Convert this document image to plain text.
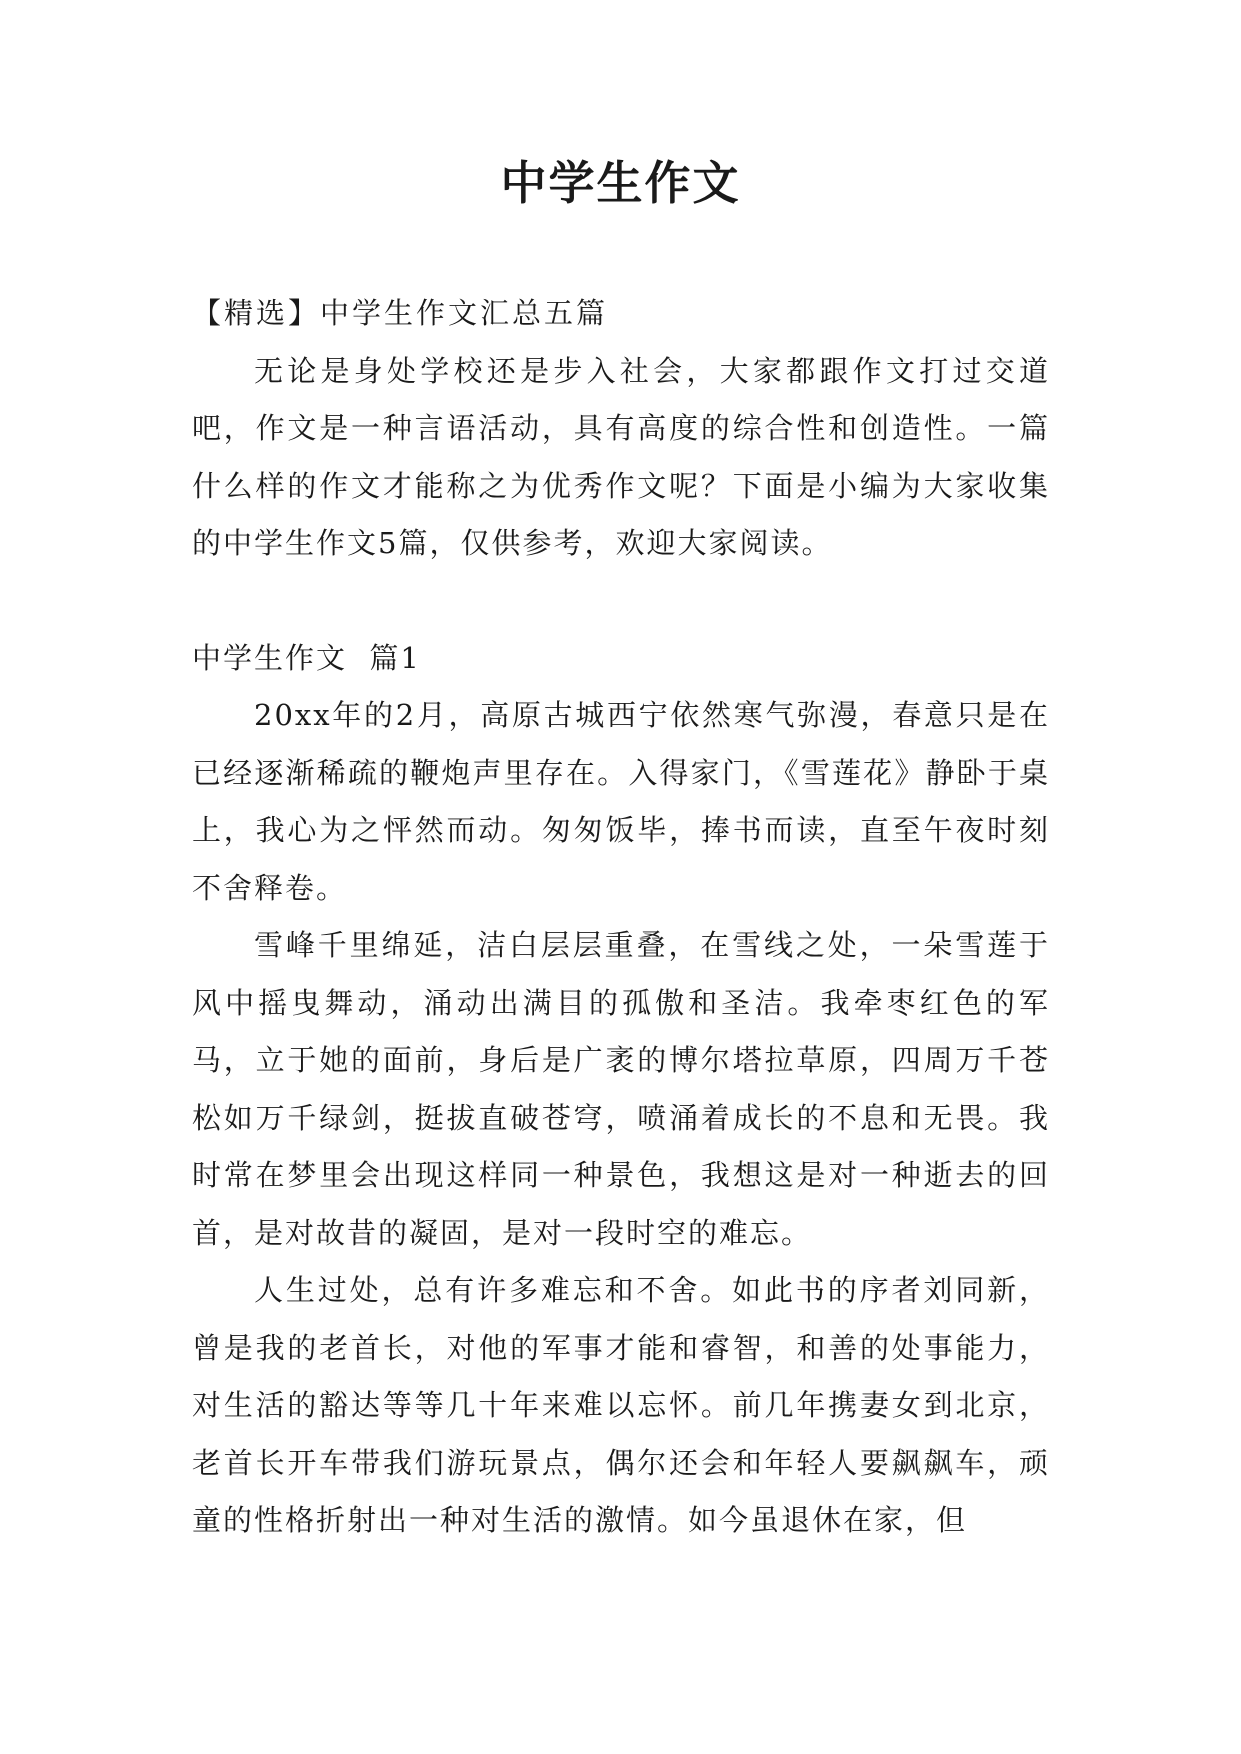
中学生作文

【精选】中学生作文汇总五篇

无论是身处学校还是步入社会，大家都跟作文打过交道吧，作文是一种言语活动，具有高度的综合性和创造性。一篇什么样的作文才能称之为优秀作文呢？下面是小编为大家收集的中学生作文5篇，仅供参考，欢迎大家阅读。

中学生作文  篇1

20xx年的2月，高原古城西宁依然寒气弥漫，春意只是在已经逐渐稀疏的鞭炮声里存在。入得家门，《雪莲花》静卧于桌上，我心为之怦然而动。匆匆饭毕，捧书而读，直至午夜时刻不舍释卷。

雪峰千里绵延，洁白层层重叠，在雪线之处，一朵雪莲于风中摇曳舞动，涌动出满目的孤傲和圣洁。我牵枣红色的军马，立于她的面前，身后是广袤的博尔塔拉草原，四周万千苍松如万千绿剑，挺拔直破苍穹，喷涌着成长的不息和无畏。我时常在梦里会出现这样同一种景色，我想这是对一种逝去的回首，是对故昔的凝固，是对一段时空的难忘。

人生过处，总有许多难忘和不舍。如此书的序者刘同新，曾是我的老首长，对他的军事才能和睿智，和善的处事能力，对生活的豁达等等几十年来难以忘怀。前几年携妻女到北京，老首长开车带我们游玩景点，偶尔还会和年轻人要飙飙车，顽童的性格折射出一种对生活的激情。如今虽退休在家，但
